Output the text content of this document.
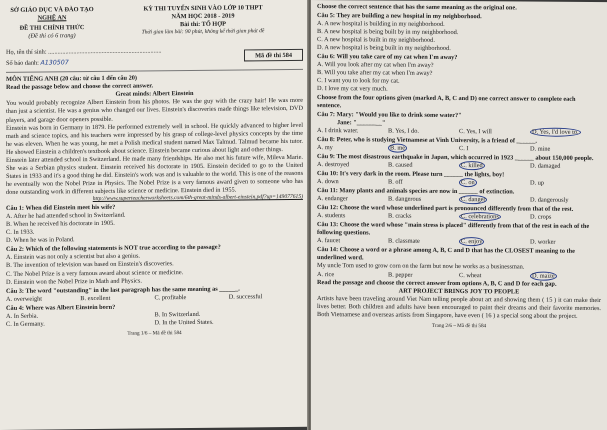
SỞ GIÁO DỤC VÀ ĐÀO TẠO
NGHỆ AN
ĐỀ THI CHÍNH THỨC
(Đề thi có 6 trang)
KỲ THI TUYỂN SINH VÀO LỚP 10 THPT
NĂM HỌC 2018 - 2019
Bài thi: TỔ HỢP
Thời gian làm bài: 90 phút, không kể thời gian phát đề
Họ, tên thí sinh: ........................................................................
Số báo danh: A130507
Mã đề thi 584
MÔN TIẾNG ANH (20 câu: từ câu 1 đến câu 20)
Read the passage below and choose the correct answer.
Great minds: Albert Einstein
You would probably recognize Albert Einstein from his photos. He was the guy with the crazy hair! He was more than just a scientist. He was a genius who changed our lives. Einstein's discoveries made things like television, DVD players, and garage door openers possible.
Einstein was born in Germany in 1879. He performed extremely well in school. He quickly advanced to higher level math and science topics, and his teachers were impressed by his grasp of college-level physics concepts by the time he was eleven. When he was young, he met a Polish medical student named Max Talmud. Talmud became his tutor. He showed Einstein a children's textbook about science. Einstein became curious about light and other things.
Einstein later attended school in Switzerland. He made many friendships. He also met his future wife, Mileva Marie. She was a Serbian physics student. Einstein received his doctorate in 1905. Einstein decided to go to the United States in 1933 and it's a good thing he did. Einstein's work was and is valuable to the world. This is one of the reasons he eventually won the Nobel Prize in Physics. The Nobel Prize is a very famous award given to someone who has done outstanding work in different subjects like science or medicine. Einstein died in 1955.
http://www.superteacherworksheets.com/6th-great-minds-albert-einstein.pdf?up=149077615)
Câu 1: When did Einstein meet his wife?
A. After he had attended school in Switzerland.
B. When he received his doctorate in 1905.
C. In 1933.
D. When he was in Poland.
Câu 2: Which of the following statements is NOT true according to the passage?
A. Einstein was not only a scientist but also a genius.
B. The invention of television was based on Einstein's discoveries.
C. The Nobel Prize is a very famous award about science or medicine.
D. Einstein won the Nobel Prize in Math and Physics.
Câu 3: The word "outstanding" in the last paragraph has the same meaning as ______.
A. overweight	B. excellent	C. profitable	D. successful
Câu 4: Where was Albert Einstein born?
A. In Serbia.	B. In Switzerland.
C. In Germany.	D. In the United States.
Trang 1/6 – Mã đề thi 584
Choose the correct sentence that has the same meaning as the original one.
Câu 5: They are building a new hospital in my neighborhood.
A. A new hospital is building in my neighborhood.
B. A new hospital is being built by in my neighborhood.
C. A new hospital is built in my neighborhood.
D. A new hospital is being built in my neighborhood.
Câu 6: Will you take care of my cat when I'm away?
A. Will you look after my cat when I'm away?
B. Will you take after my cat when I'm away?
C. I want you to look for my cat.
D. I love my cat very much.
Choose from the four options given (marked A, B, C and D) one correct answer to complete each sentence.
Câu 7: Mary: "Would you like to drink some water?"
Jane: "________"
A. I drink water.	B. Yes, I do.	C. Yes, I will	D. Yes, I'd love to.
Câu 8: Peter, who is studying Vietnamese at Vinh University, is a friend of ______.
A. my	B. me	C. I	D. mine
Câu 9: The most disastrous earthquake in Japan, which occurred in 1923 ______ about 150,000 people.
A. destroyed	B. caused	C. killed	D. damaged
Câu 10: It's very dark in the room. Please turn ______ the lights, boy!
A. down	B. off	C. on	D. up
Câu 11: Many plants and animals species are now in ______ of extinction.
A. endanger	B. dangerous	C. danger	D. dangerously
Câu 12: Choose the word whose underlined part is pronounced differently from that of the rest.
A. students	B. cracks	C. celebrations	D. crops
Câu 13: Choose the word whose "main stress is placed" differently from that of the rest in each of the following questions.
A. faucet	B. classmate	C. enjoy	D. worker
Câu 14: Choose a word or a phrase among A, B, C and D that has the CLOSEST meaning to the underlined word.
My uncle Tom used to grow corn on the farm but now he works as a businessman.
A. rice	B. pepper	C. wheat	D. maize
Read the passage and choose the correct answer from options A, B, C and D for each gap.
ART PROJECT BRINGS JOY TO PEOPLE
Artists have been traveling around Viet Nam telling people about art and showing them ( 15 ) it can make their lives better. Both children and adults have been encouraged to paint their dreams and their favorite memories. Both Vietnamese and overseas artists from Singapore, have even ( 16 ) a special song about the project.
Trang 2/6 – Mã đề thi 584
